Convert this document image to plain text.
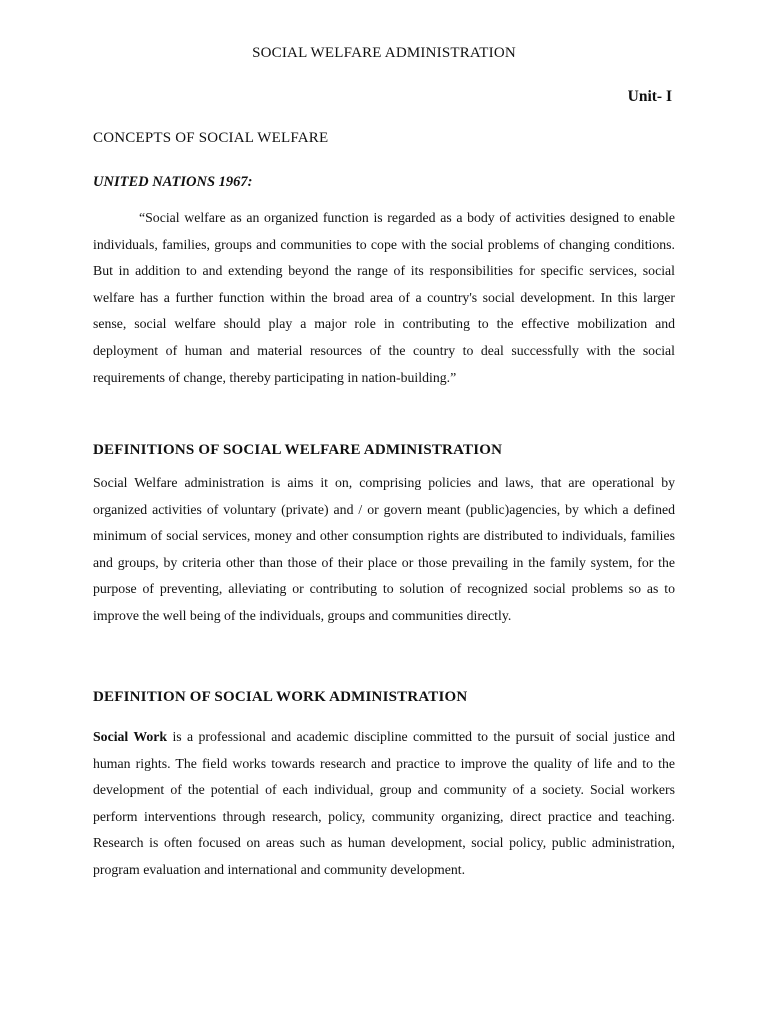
SOCIAL WELFARE ADMINISTRATION
Unit- I
CONCEPTS OF SOCIAL WELFARE
UNITED NATIONS 1967:

“Social welfare as an organized function is regarded as a body of activities designed to enable individuals, families, groups and communities to cope with the social problems of changing conditions. But in addition to and extending beyond the range of its responsibilities for specific services, social welfare has a further function within the broad area of a country's social development. In this larger sense, social welfare should play a major role in contributing to the effective mobilization and deployment of human and material resources of the country to deal successfully with the social requirements of change, thereby participating in nation-building.”

DEFINITIONS OF SOCIAL WELFARE ADMINISTRATION

Social Welfare administration is aims it on, comprising policies and laws, that are operational by organized activities of voluntary (private) and / or govern meant (public)agencies, by which a defined minimum of social services, money and other consumption rights are distributed to individuals, families and groups, by criteria other than those of their place or those prevailing in the family system, for the purpose of preventing, alleviating or contributing to solution of recognized social problems so as to improve the well being of the individuals, groups and communities directly.

DEFINITION OF SOCIAL WORK ADMINISTRATION

Social Work is a professional and academic discipline committed to the pursuit of social justice and human rights. The field works towards research and practice to improve the quality of life and to the development of the potential of each individual, group and community of a society. Social workers perform interventions through research, policy, community organizing, direct practice and teaching. Research is often focused on areas such as human development, social policy, public administration, program evaluation and international and community development.
